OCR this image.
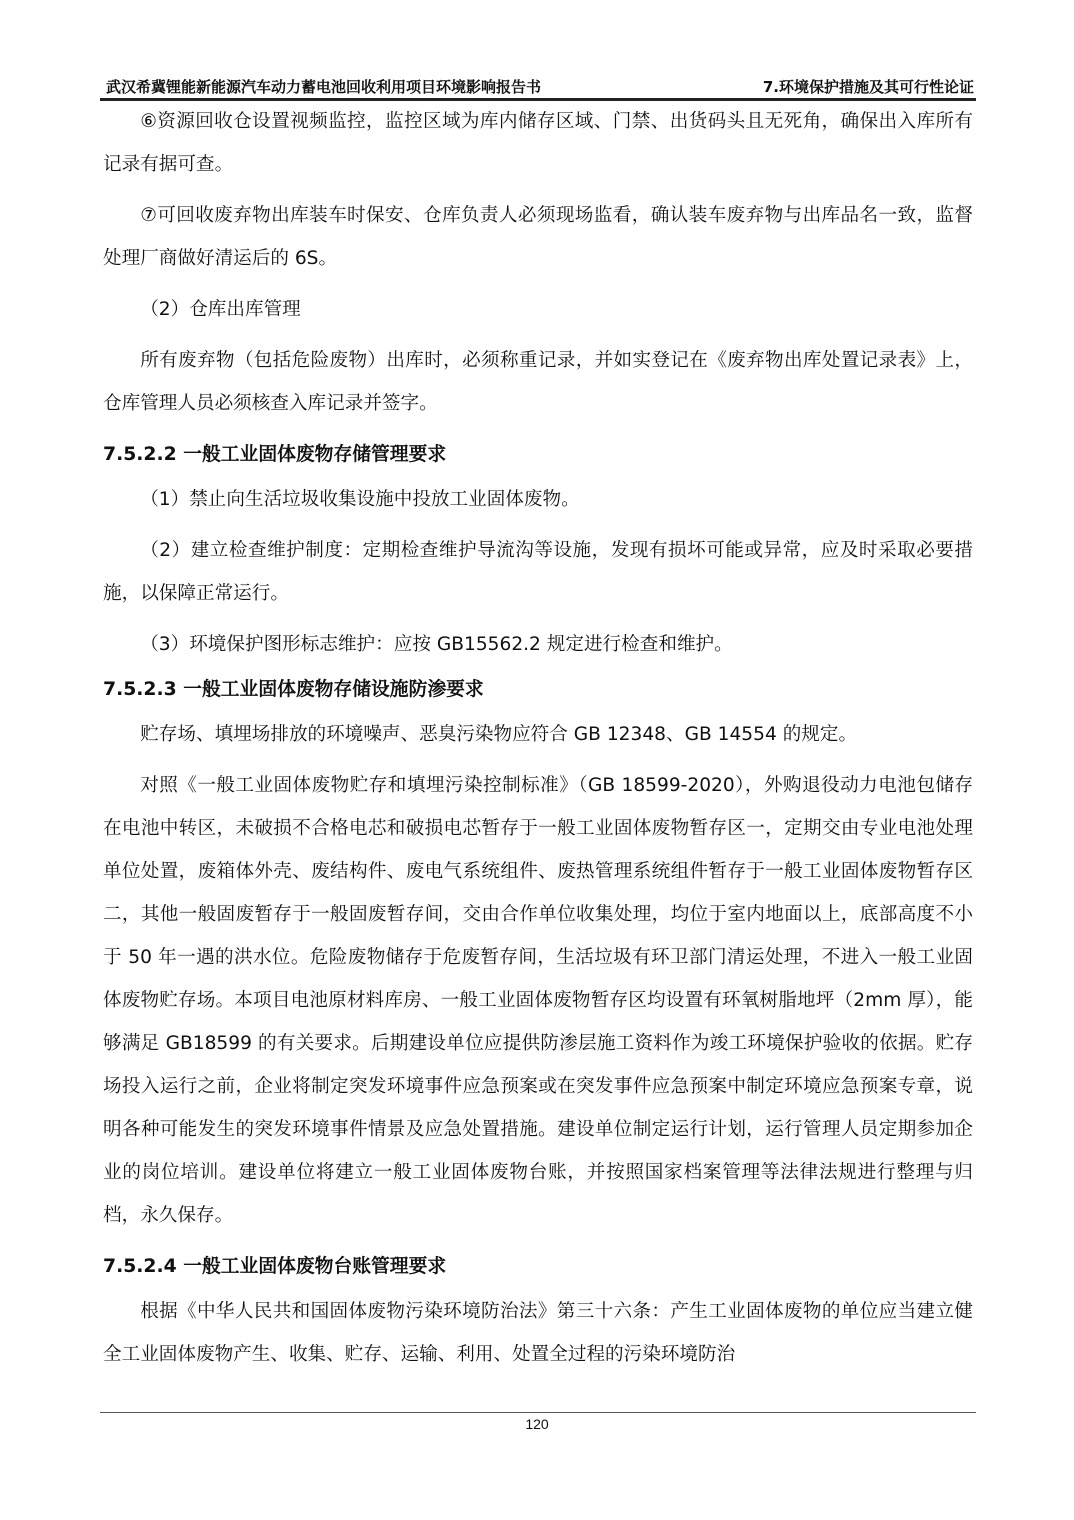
武汉希冀锂能新能源汽车动力蓄电池回收利用项目环境影响报告书	7.环境保护措施及其可行性论证

⑥资源回收仓设置视频监控，监控区域为库内储存区域、门禁、出货码头且无死角，确保出入库所有记录有据可查。

⑦可回收废弃物出库装车时保安、仓库负责人必须现场监看，确认装车废弃物与出库品名一致，监督处理厂商做好清运后的 6S。

（2）仓库出库管理

所有废弃物（包括危险废物）出库时，必须称重记录，并如实登记在《废弃物出库处置记录表》上，仓库管理人员必须核查入库记录并签字。

7.5.2.2 一般工业固体废物存储管理要求

（1）禁止向生活垃圾收集设施中投放工业固体废物。

（2）建立检查维护制度：定期检查维护导流沟等设施，发现有损坏可能或异常，应及时采取必要措施，以保障正常运行。

（3）环境保护图形标志维护：应按 GB15562.2 规定进行检查和维护。

7.5.2.3 一般工业固体废物存储设施防渗要求

贮存场、填埋场排放的环境噪声、恶臭污染物应符合 GB 12348、GB 14554 的规定。

对照《一般工业固体废物贮存和填埋污染控制标准》（GB 18599-2020），外购退役动力电池包储存在电池中转区，未破损不合格电芯和破损电芯暂存于一般工业固体废物暂存区一，定期交由专业电池处理单位处置，废箱体外壳、废结构件、废电气系统组件、废热管理系统组件暂存于一般工业固体废物暂存区二，其他一般固废暂存于一般固废暂存间，交由合作单位收集处理，均位于室内地面以上，底部高度不小于 50 年一遇的洪水位。危险废物储存于危废暂存间，生活垃圾有环卫部门清运处理，不进入一般工业固体废物贮存场。本项目电池原材料库房、一般工业固体废物暂存区均设置有环氧树脂地坪（2mm 厚），能够满足 GB18599 的有关要求。后期建设单位应提供防渗层施工资料作为竣工环境保护验收的依据。贮存场投入运行之前，企业将制定突发环境事件应急预案或在突发事件应急预案中制定环境应急预案专章，说明各种可能发生的突发环境事件情景及应急处置措施。建设单位制定运行计划，运行管理人员定期参加企业的岗位培训。建设单位将建立一般工业固体废物台账，并按照国家档案管理等法律法规进行整理与归档，永久保存。

7.5.2.4 一般工业固体废物台账管理要求

根据《中华人民共和国固体废物污染环境防治法》第三十六条：产生工业固体废物的单位应当建立健全工业固体废物产生、收集、贮存、运输、利用、处置全过程的污染环境防治

120
